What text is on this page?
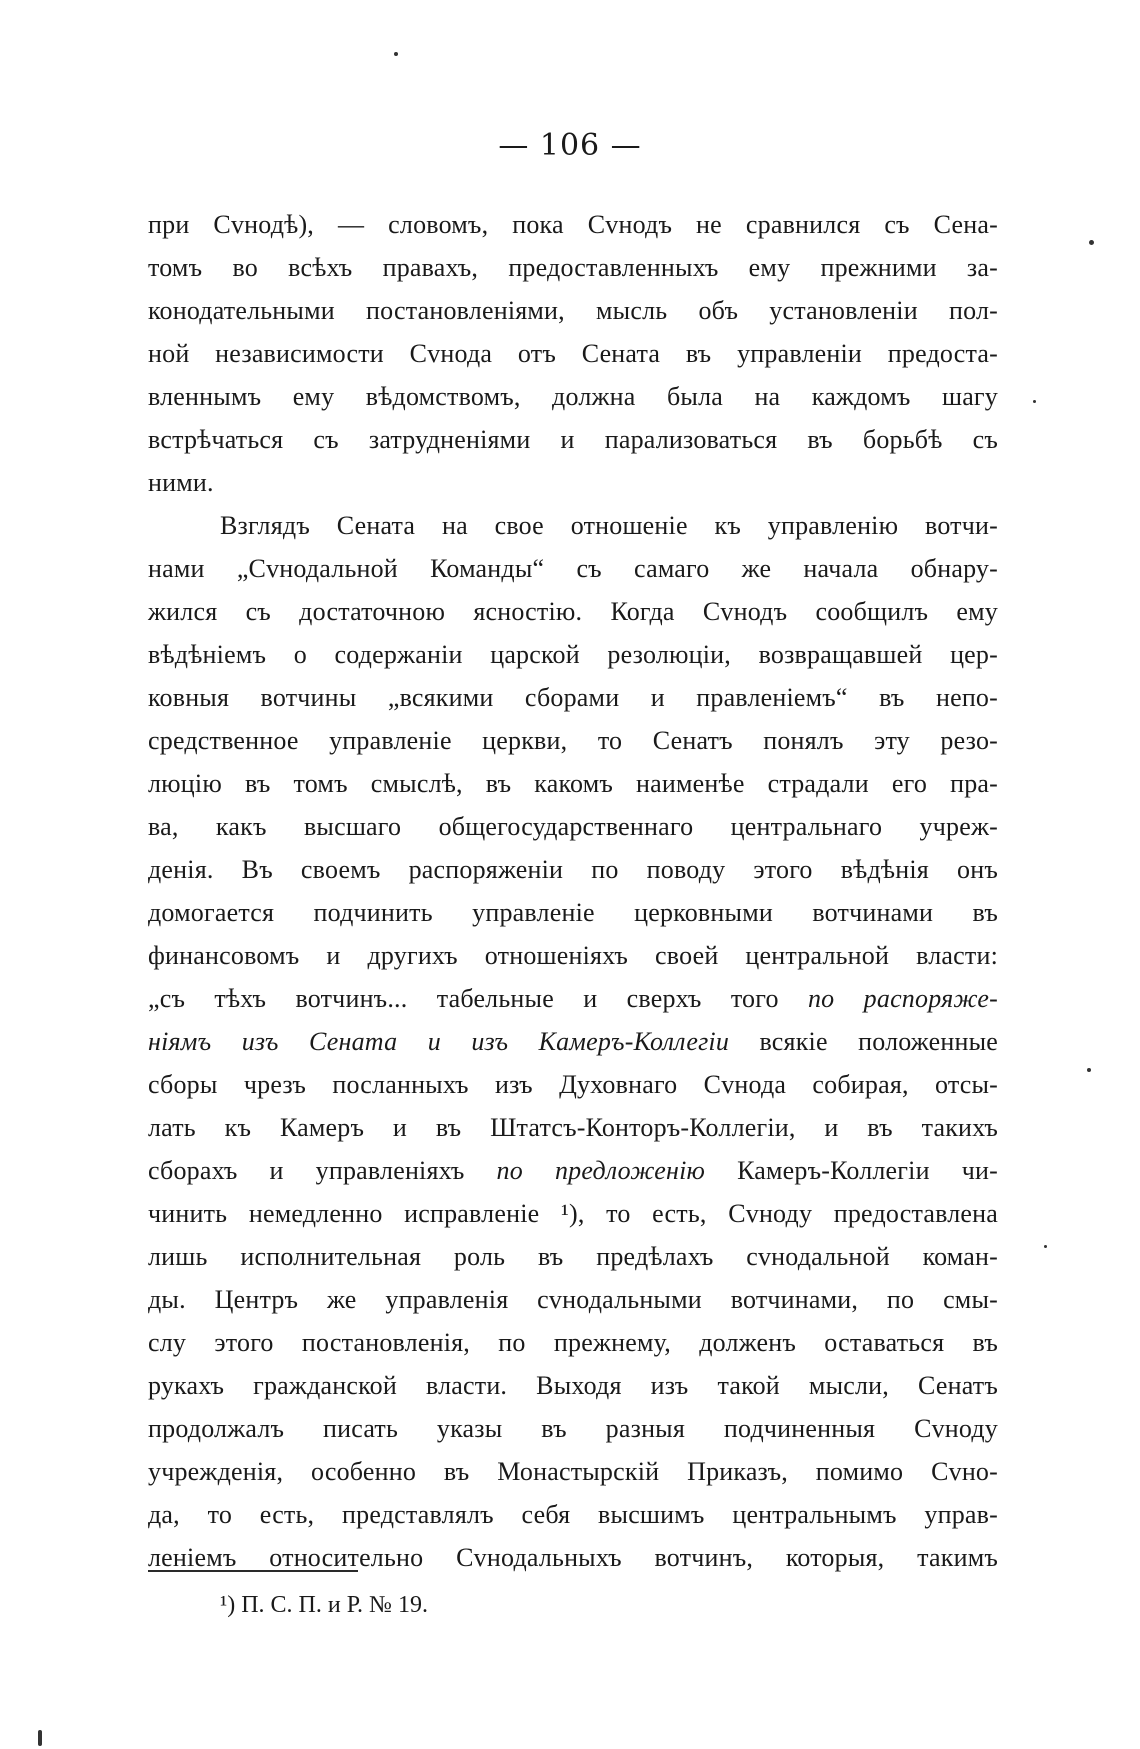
— 106 —
при Сvнодѣ), — словомъ, пока Сvнодъ не сравнился съ Сена-
томъ во всѣхъ правахъ, предоставленныхъ ему прежними за-
конодательными постановленіями, мысль объ установленіи пол-
ной независимости Сvнода отъ Сената въ управленіи предоста-
вленнымъ ему вѣдомствомъ, должна была на каждомъ шагу
встрѣчаться съ затрудненіями и парализоваться въ борьбѣ съ
ними.
Взглядъ Сената на свое отношеніе къ управленію вотчи-
нами „Сvнодальной Команды“ съ самаго же начала обнару-
жился съ достаточною ясностію. Когда Сvнодъ сообщилъ ему
вѣдѣніемъ о содержаніи царской резолюціи, возвращавшей цер-
ковныя вотчины „всякими сборами и правленіемъ“ въ непо-
средственное управленіе церкви, то Сенатъ понялъ эту резо-
люцію въ томъ смыслѣ, въ какомъ наименѣе страдали его пра-
ва, какъ высшаго общегосударственнаго центральнаго учреж-
денія. Въ своемъ распоряженіи по поводу этого вѣдѣнія онъ
домогается подчинить управленіе церковными вотчинами въ
финансовомъ и другихъ отношеніяхъ своей центральной власти:
„съ тѣхъ вотчинъ... табельные и сверхъ того по распоряже-
ніямъ изъ Сената и изъ Камеръ-Коллегіи всякіе положенные
сборы чрезъ посланныхъ изъ Духовнаго Сvнода собирая, отсы-
лать къ Камеръ и въ Штатсъ-Конторъ-Коллегіи, и въ такихъ
сборахъ и управленіяхъ по предложенію Камеръ-Коллегіи чи-
чинить немедленно исправленіе ¹), то есть, Сvноду предоставлена
лишь исполнительная роль въ предѣлахъ сvнодальной коман-
ды. Центръ же управленія сvнодальными вотчинами, по смы-
слу этого постановленія, по прежнему, долженъ оставаться въ
рукахъ гражданской власти. Выходя изъ такой мысли, Сенатъ
продолжалъ писать указы въ разныя подчиненныя Сvноду
учрежденія, особенно въ Монастырскій Приказъ, помимо Сvно-
да, то есть, представлялъ себя высшимъ центральнымъ управ-
леніемъ относительно Сvнодальныхъ вотчинъ, которыя, такимъ
¹) П. С. П. и Р. № 19.
